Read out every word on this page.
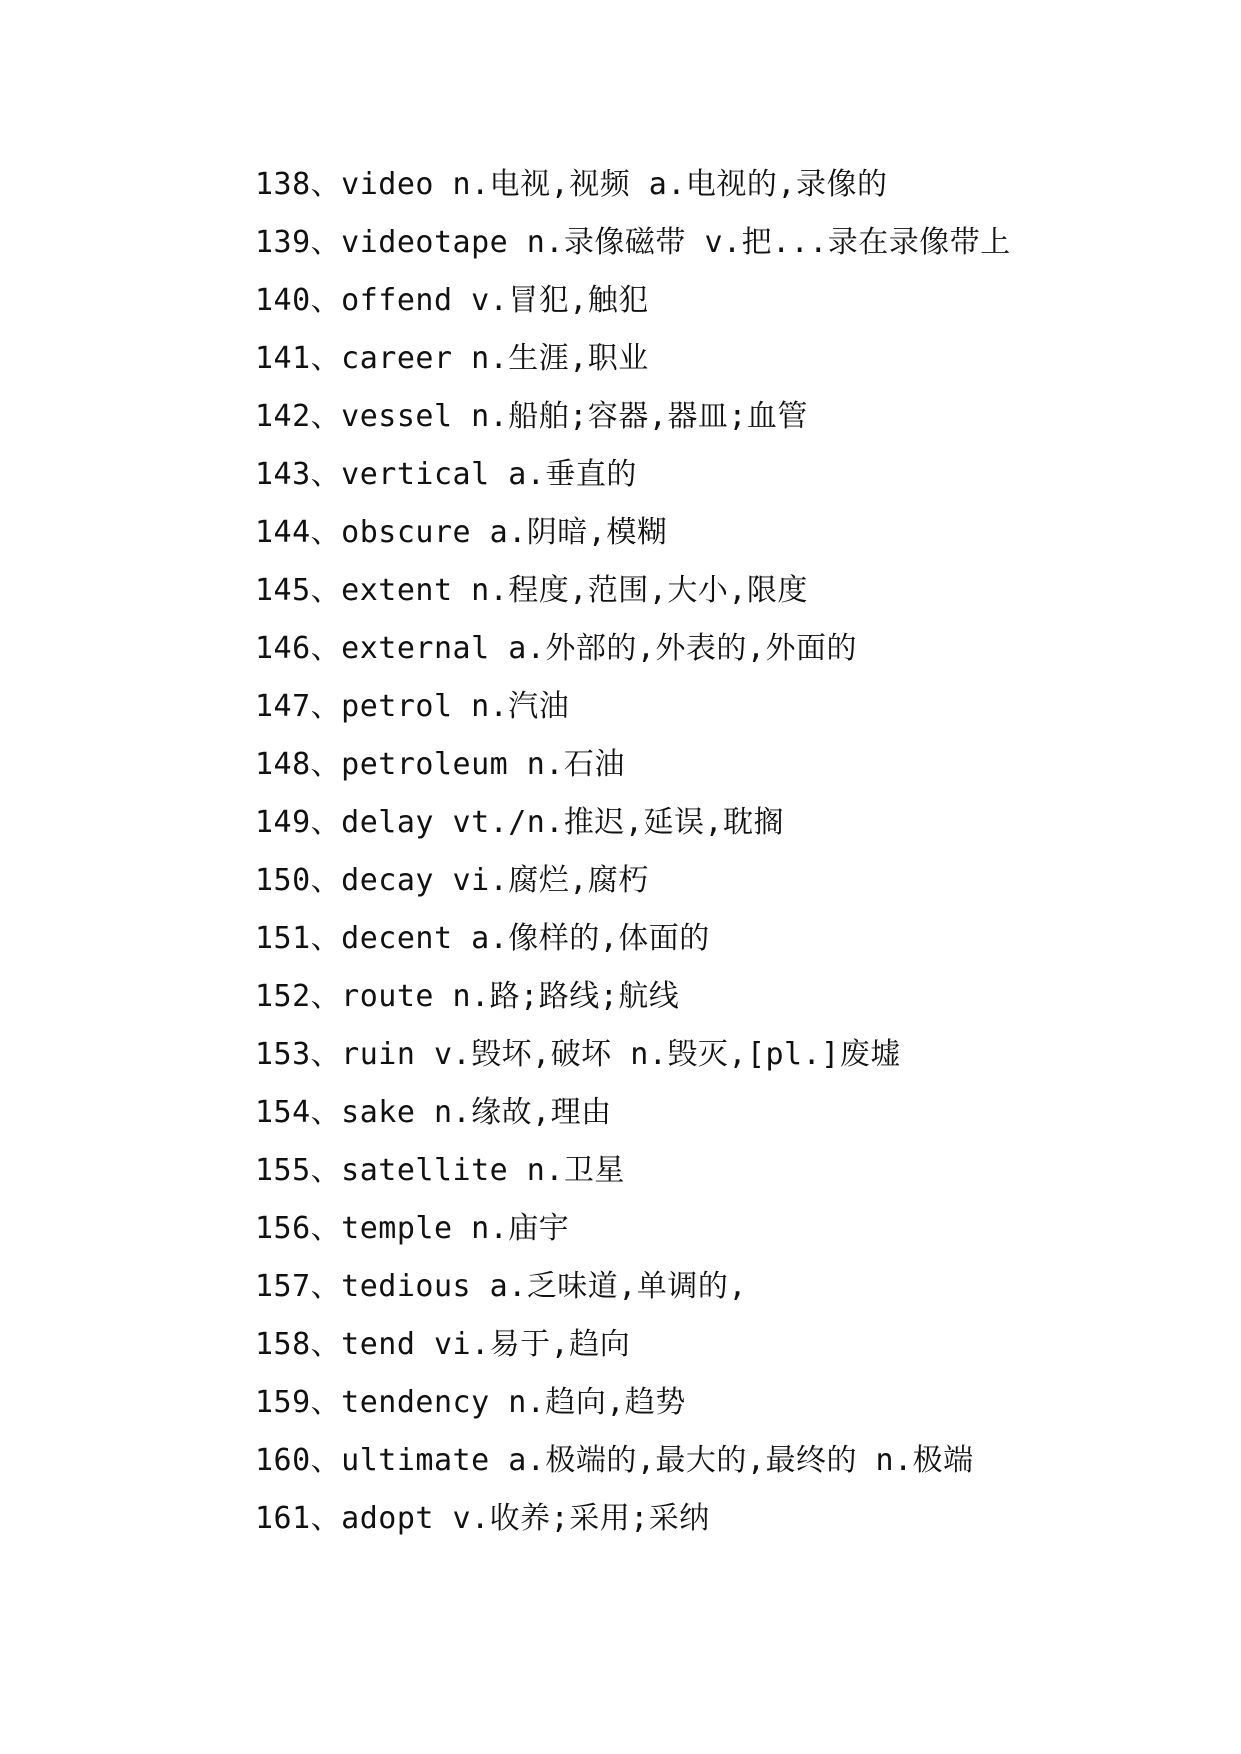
138、video n.电视,视频 a.电视的,录像的
139、videotape n.录像磁带 v.把...录在录像带上
140、offend v.冒犯,触犯
141、career n.生涯,职业
142、vessel n.船舶;容器,器皿;血管
143、vertical a.垂直的
144、obscure a.阴暗,模糊
145、extent n.程度,范围,大小,限度
146、external a.外部的,外表的,外面的
147、petrol n.汽油
148、petroleum n.石油
149、delay vt./n.推迟,延误,耽搁
150、decay vi.腐烂,腐朽
151、decent a.像样的,体面的
152、route n.路;路线;航线
153、ruin v.毁坏,破坏 n.毁灭,[pl.]废墟
154、sake n.缘故,理由
155、satellite n.卫星
156、temple n.庙宇
157、tedious a.乏味道,单调的,
158、tend vi.易于,趋向
159、tendency n.趋向,趋势
160、ultimate a.极端的,最大的,最终的 n.极端
161、adopt v.收养;采用;采纳
